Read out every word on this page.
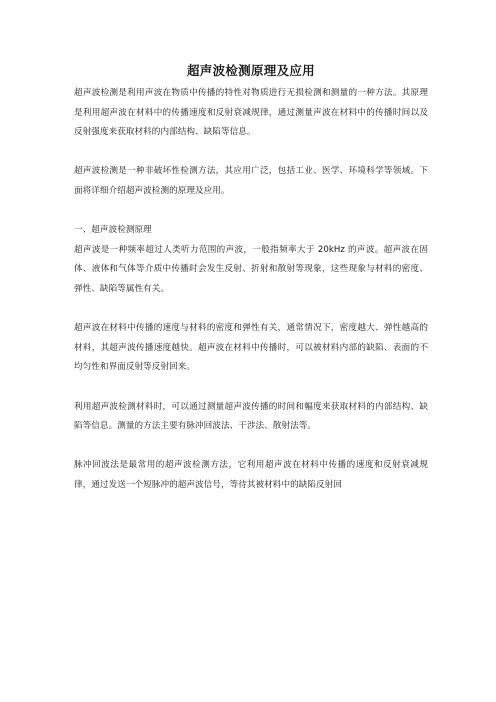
超声波检测原理及应用

超声波检测是利用声波在物质中传播的特性对物质进行无损检测和测量的一种方法。其原理是利用超声波在材料中的传播速度和反射衰减规律，通过测量声波在材料中的传播时间以及反射强度来获取材料的内部结构、缺陷等信息。

超声波检测是一种非破坏性检测方法，其应用广泛，包括工业、医学、环境科学等领域。下面将详细介绍超声波检测的原理及应用。

一、超声波检测原理

超声波是一种频率超过人类听力范围的声波，一般指频率大于 20kHz 的声波。超声波在固体、液体和气体等介质中传播时会发生反射、折射和散射等现象，这些现象与材料的密度、弹性、缺陷等属性有关。

超声波在材料中传播的速度与材料的密度和弹性有关，通常情况下，密度越大、弹性越高的材料，其超声波传播速度越快。超声波在材料中传播时，可以被材料内部的缺陷、表面的不均匀性和界面反射等反射回来。

利用超声波检测材料时，可以通过测量超声波传播的时间和幅度来获取材料的内部结构、缺陷等信息。测量的方法主要有脉冲回波法、干涉法、散射法等。

脉冲回波法是最常用的超声波检测方法，它利用超声波在材料中传播的速度和反射衰减规律，通过发送一个短脉冲的超声波信号，等待其被材料中的缺陷反射回
